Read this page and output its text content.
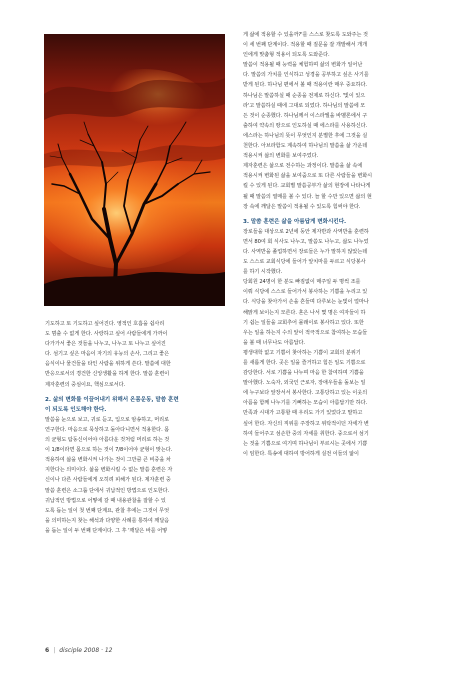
기도하고 또 기도하고 싶어진다. 영적인 호흡을 쉽사리
도 멈출 수 없게 한다. 사랑하고 싶어 사람들에게 가까이
다가가서 좋은 것들을 나누고, 나누고 또 나누고 싶어진
다. 섬기고 싶은 마음이 자기의 유능의 손사, 그리고 좋은
음식이나 물건들을 타인 사람을 위하게 쓴다. 말씀에 대한
반응으로서의 경건한 신앙생활을 하게 한다. 말씀 훈련이
제자훈련의 중심이요, 핵심으로서다.
2. 삶의 변화를 이끌어내기 위해서 온몸운동, 말씀 훈련
이 되도록 인도해야 한다.
말씀을 눈으로 보고, 귀로 듣고, 입으로 암송하고, 머리로
연구한다. 마음으로 묵상하고 돌아다니면서 적용한다. 몸
의 균형도 탐동신이어야 아름다운 것처럼 머리로 하는 것
이 1/8이라면 몸으로 하는 것이 7/8이어야 균형이 맞는다.
적용하여 삶을 변화시켜 나가는 것이 그만큼 큰 비중을 차
지한다는 의미이다. 삶을 변화시킬 수 없는 말씀 훈련은 자
신이나 다른 사람들에게 오히려 피해가 된다. 제자훈련 중
말씀 훈련은 소그룹 단에서 귀납적인 방법으로 인도한다.
귀납적인 방법으로 어떻에 갈 때 내용관찰을 잘할 수 있
도록 돕는 일이 첫 번째 단계요, 관찰 후에는 그것이 무엇
을 의미하는지 찾는 해석과 다양한 사례를 통하여 깨달음
을 돕는 일이 두 번째 단계이다. 그 후 '깨달은 바를 어떻
게 삶에 적용할 수 있을까?'를 스스로 찾도록 도와주는 것
이 세 번째 단계이다. 적용할 때 질문을 잘 개발해서 개개
인에게 맞춤형 적용이 되도록 도와준다.
말씀이 적용될 때 능력을 체험하며 삶의 변화가 일어난
다. 말씀의 가치를 인식하고 성경을 공부하고 싶은 사기를
받게 된다. 하나님 편에서 볼 때 적용이란 매우 중요하다.
하나님은 말씀하실 때 순종을 전제로 하신다. '빛이 있으
라'고 말씀하실 때에 그대로 되었다. 하나님의 말씀에 모
든 것이 순종했다. 하나님께서 이스라엘을 바벨론에서 구
출하여 약속의 땅으로 인도하실 때 에스라를 사용하신다.
에스라는 하나님의 뜻이 무엇인지 분별한 후에 그것을 실
천한다. 아브라함도 계속하여 하나님의 말씀을 삶 가운데
적용시켜 삶의 변화를 보여주었다.
제자훈련은 삶으로 전수하는 과정이다. 말씀을 삶 속에
적용시켜 변화된 삶을 보여줌으로 또 다른 사람들을 변화시
킬 수 있게 된다. 교회별 말씀공부가 삶의 현장에 나타나게
될 때 말씀의 열매를 볼 수 있다. 늘 할 수만 있으면 삶의 현
장 속에 깨달은 말씀이 적용될 수 있도록 힘써야 한다.
3. 말씀 훈련은 삶을 아름답게 변화시킨다.
장로들을 대상으로 2년에 동안 제자반과 사역반을 훈련하
면서 80여 회 식사도 나누고, 말씀도 나누고, 삶도 나누었
다. 사역반을 졸업하면서 장로들은 누가 말하지 않았는데
도 스스로 교회식당에 들어가 앞치마를 두르고 식당봉사
를 하기 시작했다.
당회원 24명이 한 분도 빠짐없이 매주일 두 명씩 조를
이뤄 식당에 스스로 들어가서 봉사하는 기쁨을 누리고 있
다. 식당을 찾아가서 손을 흔들며 다루보는 눈빛이 얼마나
해맑게 보이는지 모른다. 혼은 나서 몇 명은 여자들이 하
기 쉽는 일들을 교회추어 몰래이로 봉사하고 있다. 또한
우는 일을 하는지 수의 앞이 적극적으로 참여하는 모습들
을 볼 때 너무나도 아름답다.
평생대학 없고 기쁨이 찾아하는 기쁨이 교회의 분위기
를 새롭게 한다. 곳은 일을 즐거하고 힘든 일도 기쁨으로
감당한다. 서로 기쁨을 나누며 마음 한 참여하며 기쁨을
말아했다. 노숙자, 외국인 근로자, 장애우들을 돌보는 일
에 누구보다 앞장서서 봉사한다. 고통당하고 있는 이웃의
아픔을 함께 나누기를 기뻐하는 모습이 아름답기만 하다.
만족과 시대가 고통할 때 우리도 가기 있었다고 말하고
싶어 한다. 자신의 직위를 주장하고 위탁적이던 자세가 변
하여 들어주고 섬손한 중의 자세를 취한다. 중으로서 섬기
는 것을 기쁨으로 여기며 하나님이 부르시는 곳에서 기쁨
이 임한다. 특송에 대하여 방어하게 실전 이들의 앎이
6 | disciple 2008 · 12
